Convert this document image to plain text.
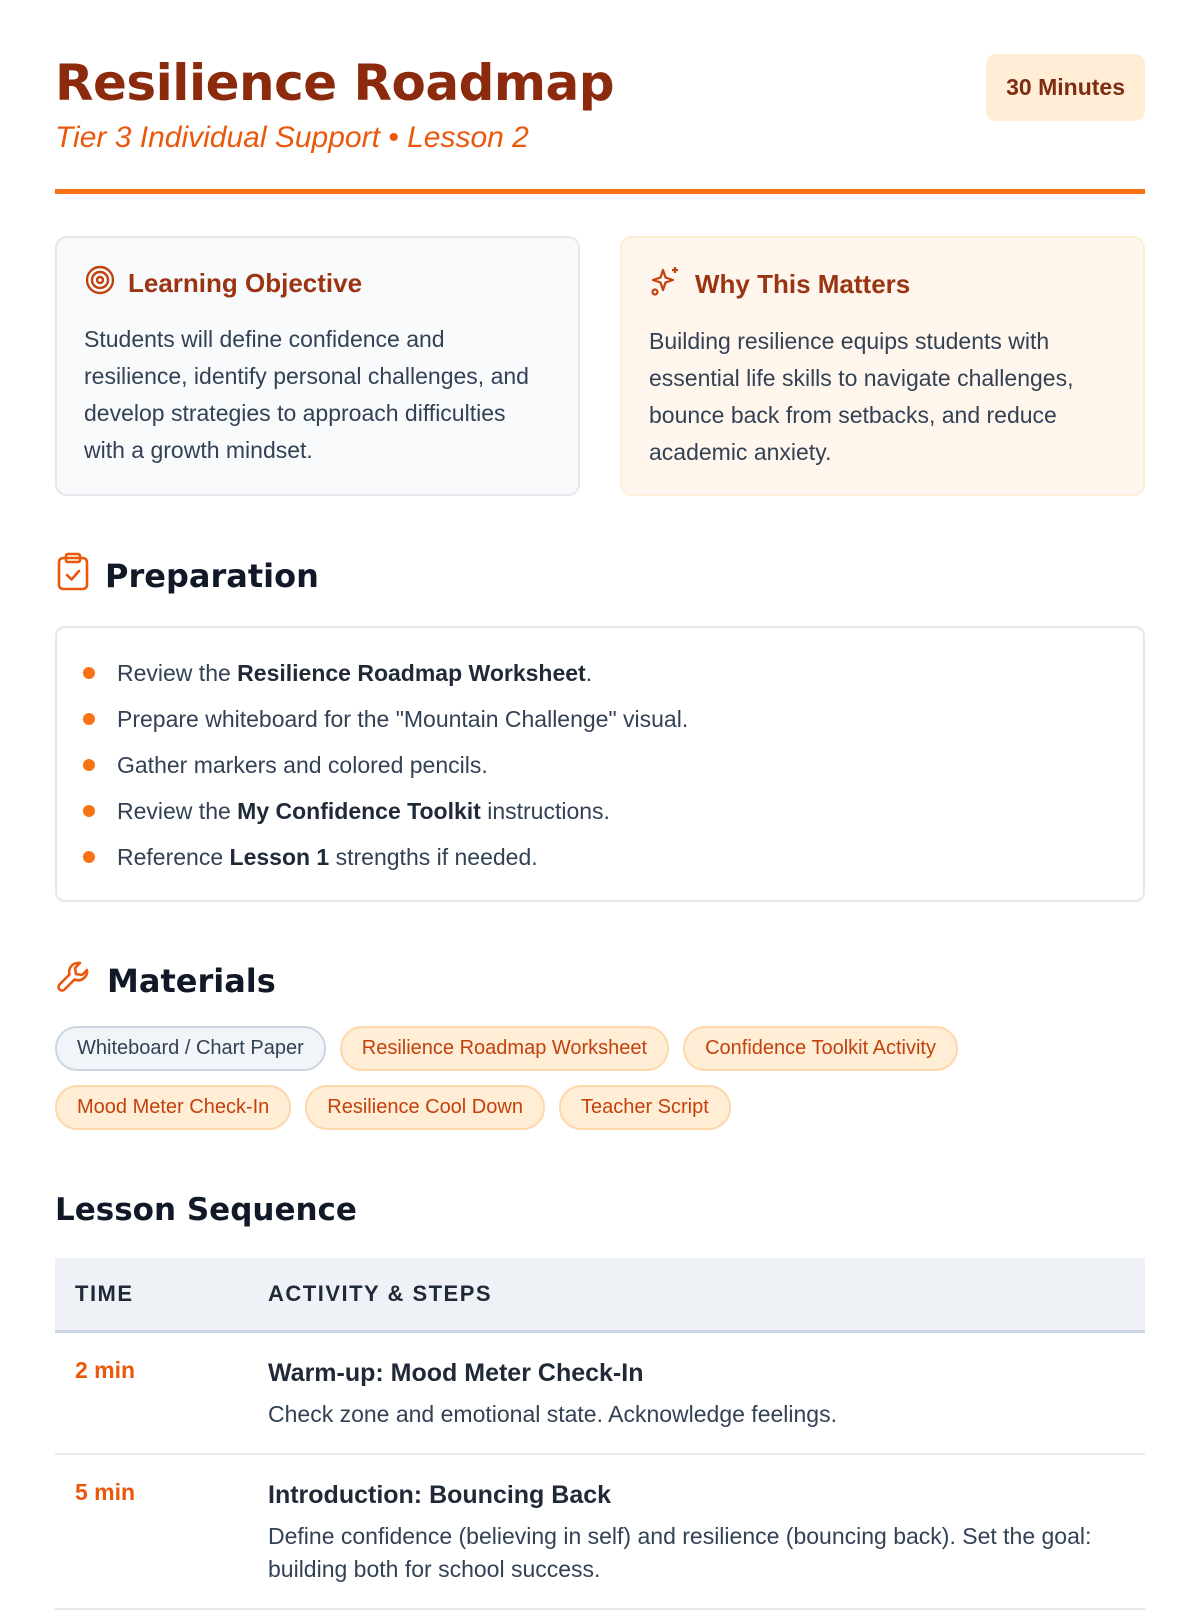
Resilience Roadmap
Tier 3 Individual Support • Lesson 2
30 Minutes
Learning Objective
Students will define confidence and resilience, identify personal challenges, and develop strategies to approach difficulties with a growth mindset.
Why This Matters
Building resilience equips students with essential life skills to navigate challenges, bounce back from setbacks, and reduce academic anxiety.
Preparation
Review the Resilience Roadmap Worksheet.
Prepare whiteboard for the "Mountain Challenge" visual.
Gather markers and colored pencils.
Review the My Confidence Toolkit instructions.
Reference Lesson 1 strengths if needed.
Materials
Whiteboard / Chart Paper	Resilience Roadmap Worksheet	Confidence Toolkit Activity
Mood Meter Check-In	Resilience Cool Down	Teacher Script
Lesson Sequence
TIME	ACTIVITY & STEPS
2 min	Warm-up: Mood Meter Check-In
Check zone and emotional state. Acknowledge feelings.
5 min	Introduction: Bouncing Back
Define confidence (believing in self) and resilience (bouncing back). Set the goal: building both for school success.
